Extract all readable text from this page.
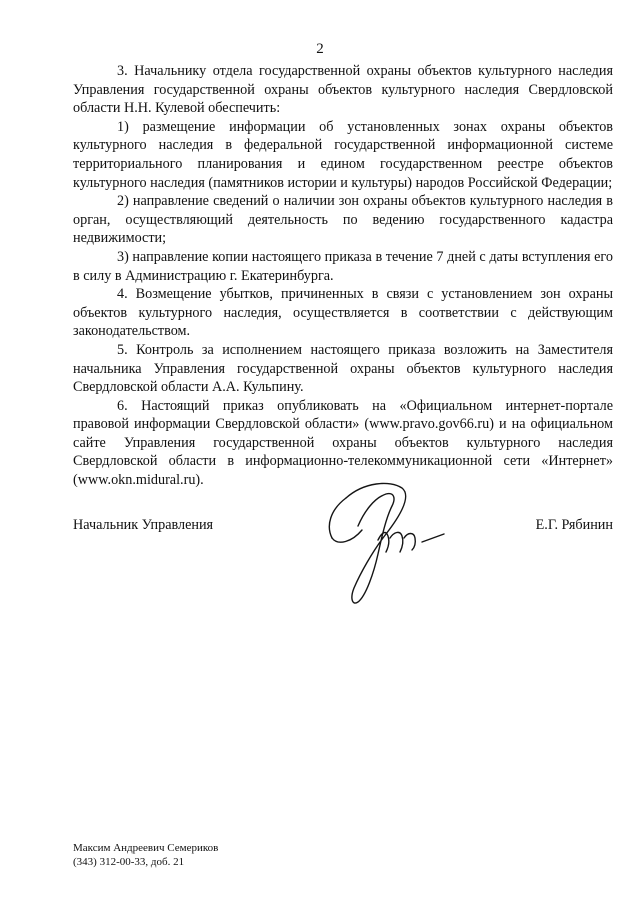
2

3. Начальнику отдела государственной охраны объектов культурного наследия Управления государственной охраны объектов культурного наследия Свердловской области Н.Н. Кулевой обеспечить:

1) размещение информации об установленных зонах охраны объектов культурного наследия в федеральной государственной информационной системе территориального планирования и едином государственном реестре объектов культурного наследия (памятников истории и культуры) народов Российской Федерации;

2) направление сведений о наличии зон охраны объектов культурного наследия в орган, осуществляющий деятельность по ведению государственного кадастра недвижимости;

3) направление копии настоящего приказа в течение 7 дней с даты вступления его в силу в Администрацию г. Екатеринбурга.

4. Возмещение убытков, причиненных в связи с установлением зон охраны объектов культурного наследия, осуществляется в соответствии с действующим законодательством.

5. Контроль за исполнением настоящего приказа возложить на Заместителя начальника Управления государственной охраны объектов культурного наследия Свердловской области А.А. Кульпину.

6. Настоящий приказ опубликовать на «Официальном интернет-портале правовой информации Свердловской области» (www.pravo.gov66.ru) и на официальном сайте Управления государственной охраны объектов культурного наследия Свердловской области в информационно-телекоммуникационной сети «Интернет» (www.okn.midural.ru).

Начальник Управления	Е.Г. Рябинин
Максим Андреевич Семериков
(343) 312-00-33, доб. 21
